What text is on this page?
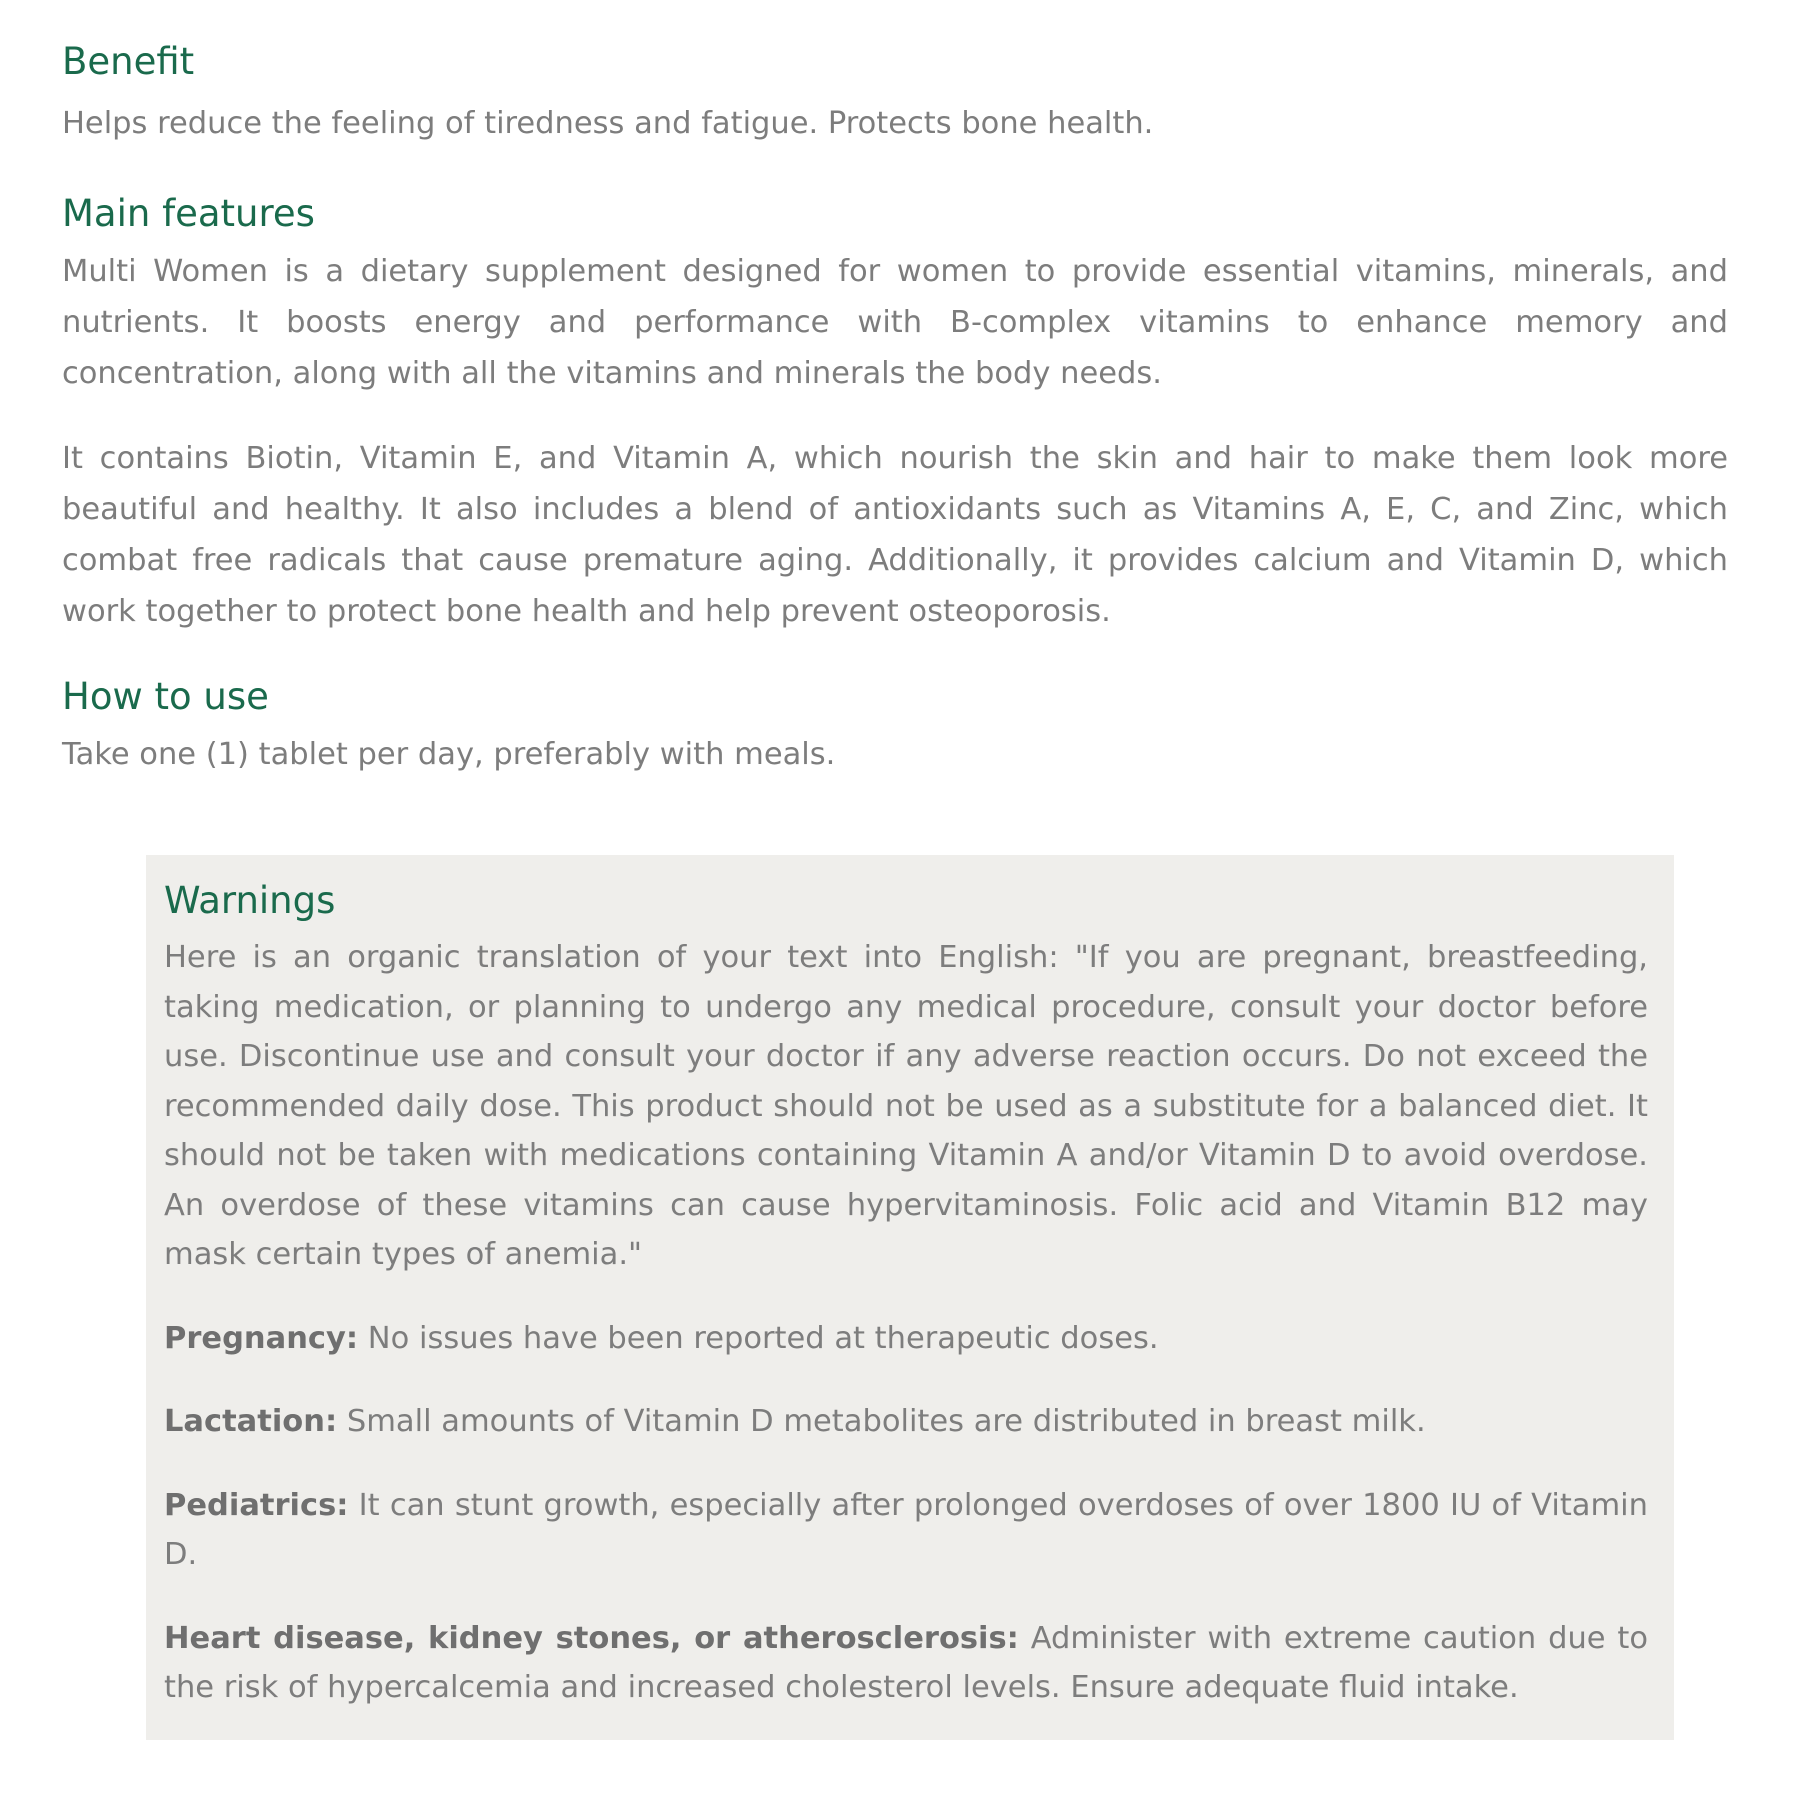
Benefit

Helps reduce the feeling of tiredness and fatigue. Protects bone health.

Main features

Multi Women is a dietary supplement designed for women to provide essential vitamins, minerals, and nutrients. It boosts energy and performance with B-complex vitamins to enhance memory and concentration, along with all the vitamins and minerals the body needs.

It contains Biotin, Vitamin E, and Vitamin A, which nourish the skin and hair to make them look more beautiful and healthy. It also includes a blend of antioxidants such as Vitamins A, E, C, and Zinc, which combat free radicals that cause premature aging. Additionally, it provides calcium and Vitamin D, which work together to protect bone health and help prevent osteoporosis.

How to use

Take one (1) tablet per day, preferably with meals.

Warnings

Here is an organic translation of your text into English: "If you are pregnant, breastfeeding, taking medication, or planning to undergo any medical procedure, consult your doctor before use. Discontinue use and consult your doctor if any adverse reaction occurs. Do not exceed the recommended daily dose. This product should not be used as a substitute for a balanced diet. It should not be taken with medications containing Vitamin A and/or Vitamin D to avoid overdose. An overdose of these vitamins can cause hypervitaminosis. Folic acid and Vitamin B12 may mask certain types of anemia."

Pregnancy: No issues have been reported at therapeutic doses.

Lactation: Small amounts of Vitamin D metabolites are distributed in breast milk.

Pediatrics: It can stunt growth, especially after prolonged overdoses of over 1800 IU of Vitamin D.

Heart disease, kidney stones, or atherosclerosis: Administer with extreme caution due to the risk of hypercalcemia and increased cholesterol levels. Ensure adequate fluid intake.
